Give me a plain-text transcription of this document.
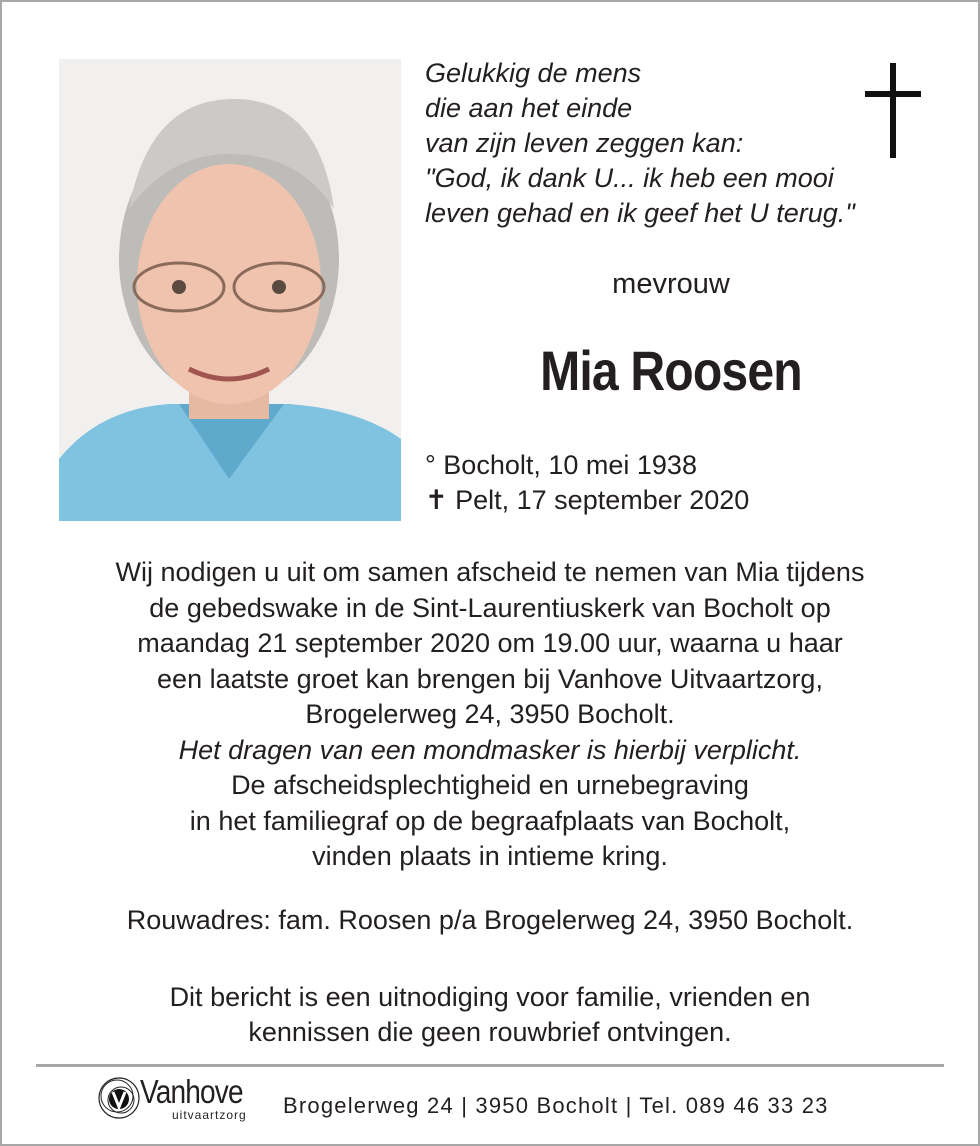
Gelukkig de mens
die aan het einde
van zijn leven zeggen kan:
"God, ik dank U... ik heb een mooi
leven gehad en ik geef het U terug."
mevrouw
Mia Roosen
° Bocholt, 10 mei 1938
✝ Pelt, 17 september 2020
Wij nodigen u uit om samen afscheid te nemen van Mia tijdens
de gebedswake in de Sint-Laurentiuskerk van Bocholt op
maandag 21 september 2020 om 19.00 uur, waarna u haar
een laatste groet kan brengen bij Vanhove Uitvaartzorg,
Brogelerweg 24, 3950 Bocholt.
Het dragen van een mondmasker is hierbij verplicht.
De afscheidsplechtigheid en urnebegraving
in het familiegraf op de begraafplaats van Bocholt,
vinden plaats in intieme kring.
Rouwadres: fam. Roosen p/a Brogelerweg 24, 3950 Bocholt.
Dit bericht is een uitnodiging voor familie, vrienden en
kennissen die geen rouwbrief ontvingen.
Vanhove
uitvaartzorg Brogelerweg 24 | 3950 Bocholt | Tel. 089 46 33 23
